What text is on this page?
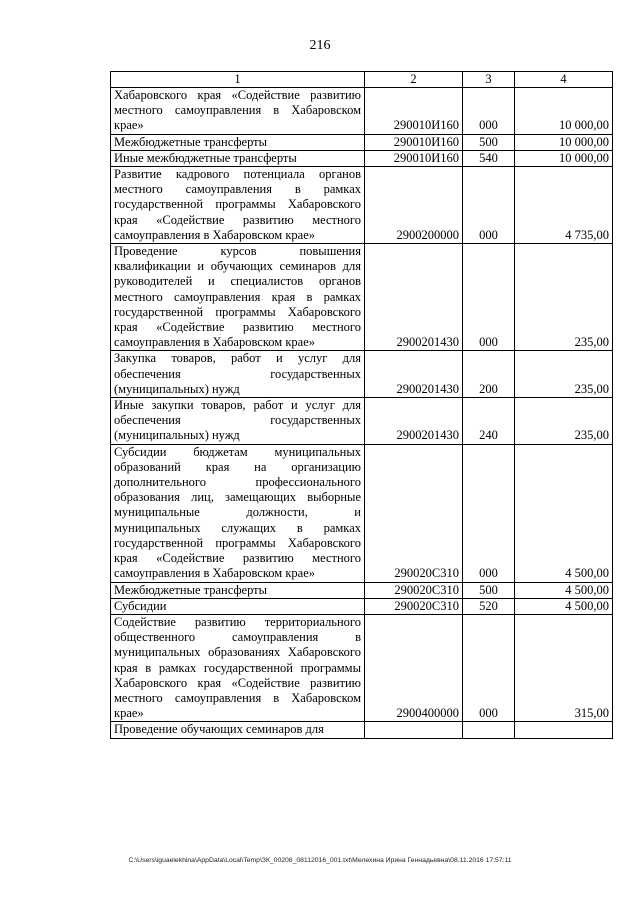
216
1	2	3	4
Хабаровского края «Содействие развитию местного самоуправления в Хабаровском крае»	290010И160	000	10 000,00
Межбюджетные трансферты	290010И160	500	10 000,00
Иные межбюджетные трансферты	290010И160	540	10 000,00
Развитие кадрового потенциала органов местного самоуправления в рамках государственной программы Хабаровского края «Содействие развитию местного самоуправления в Хабаровском крае»	2900200000	000	4 735,00
Проведение курсов повышения квалификации и обучающих семинаров для руководителей и специалистов органов местного самоуправления края в рамках государственной программы Хабаровского края «Содействие развитию местного самоуправления в Хабаровском крае»	2900201430	000	235,00
Закупка товаров, работ и услуг для обеспечения государственных (муниципальных) нужд	2900201430	200	235,00
Иные закупки товаров, работ и услуг для обеспечения государственных (муниципальных) нужд	2900201430	240	235,00
Субсидии бюджетам муниципальных образований края на организацию дополнительного профессионального образования лиц, замещающих выборные муниципальные должности, и муниципальных служащих в рамках государственной программы Хабаровского края «Содействие развитию местного самоуправления в Хабаровском крае»	290020С310	000	4 500,00
Межбюджетные трансферты	290020С310	500	4 500,00
Субсидии	290020С310	520	4 500,00
Содействие развитию территориального общественного самоуправления в муниципальных образованиях Хабаровского края в рамках государственной программы Хабаровского края «Содействие развитию местного самоуправления в Хабаровском крае»	2900400000	000	315,00
Проведение обучающих семинаров для			
C:\Users\iguaelekhina\AppData\Local\Temp\ЗК_00208_08112016_001.txt\Мелехина Ирина Геннадьевна\08.11.2016 17:57:11
